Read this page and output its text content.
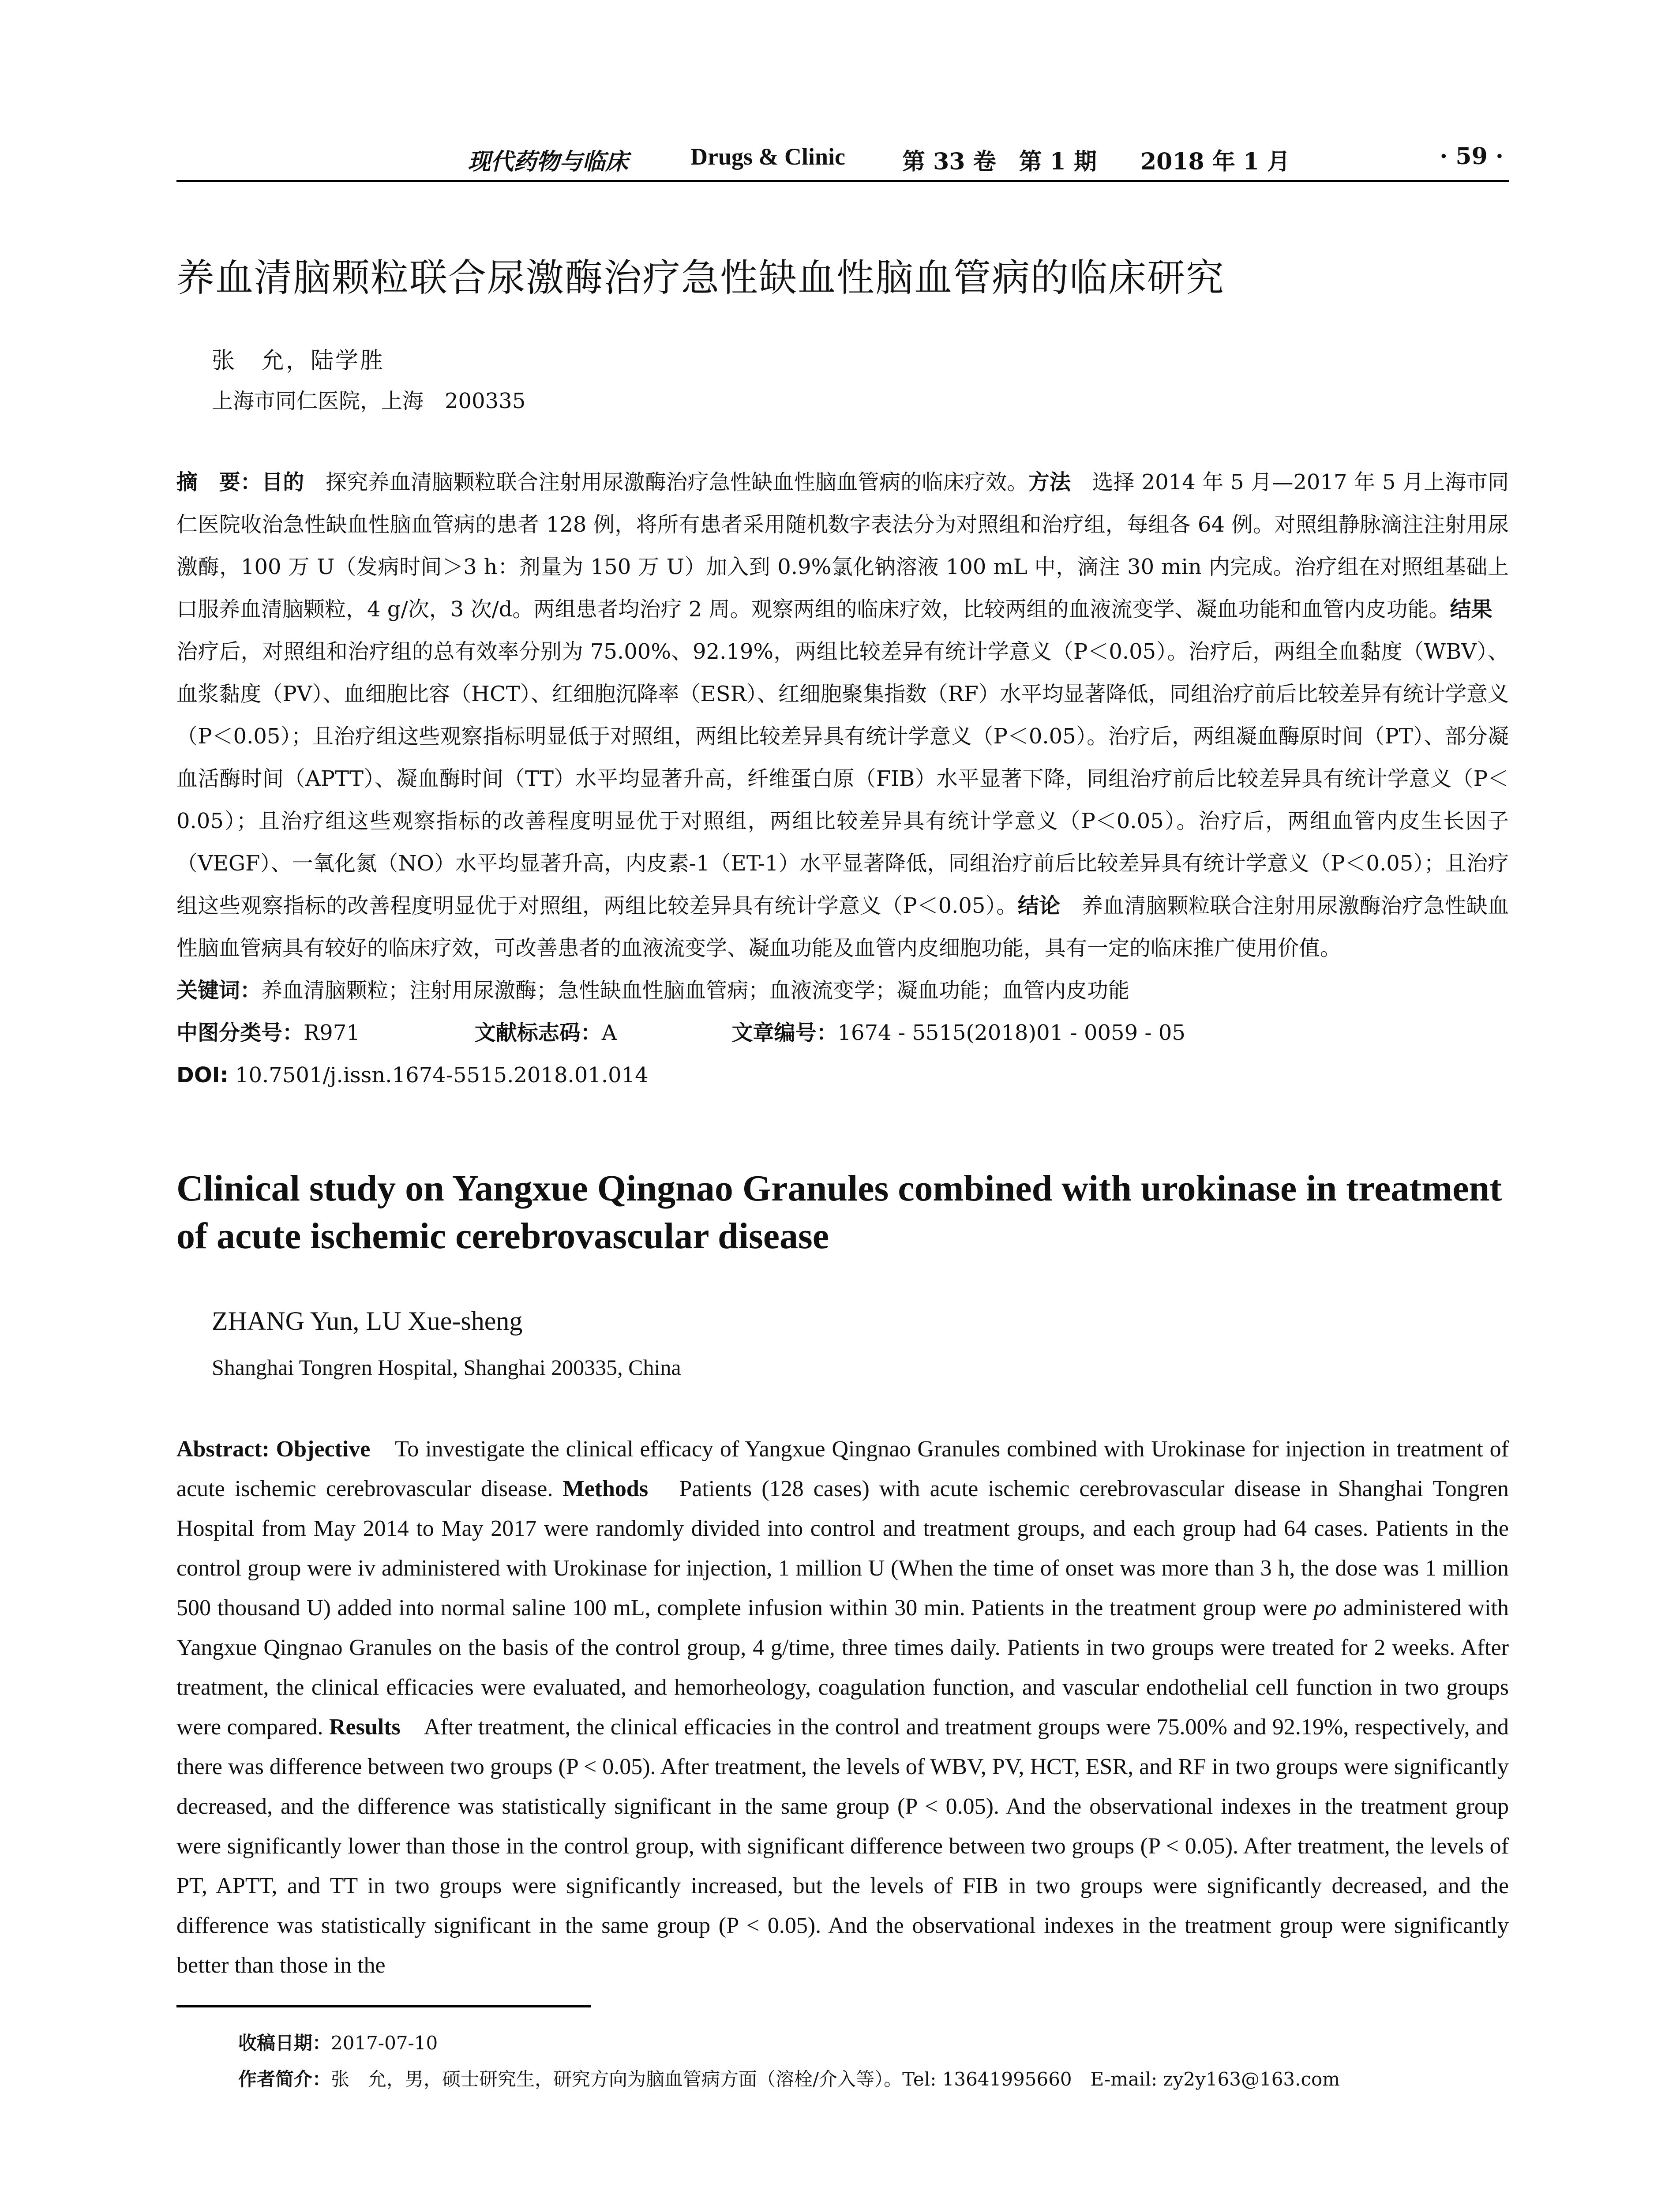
现代药物与临床	Drugs & Clinic 第 33 卷　第 1 期 2018 年 1 月	· 59 ·
养血清脑颗粒联合尿激酶治疗急性缺血性脑血管病的临床研究
张　允，陆学胜
上海市同仁医院，上海　200335

摘　要：目的　探究养血清脑颗粒联合注射用尿激酶治疗急性缺血性脑血管病的临床疗效。方法　选择 2014 年 5 月—2017 年 5 月上海市同仁医院收治急性缺血性脑血管病的患者 128 例，将所有患者采用随机数字表法分为对照组和治疗组，每组各 64 例。对照组静脉滴注注射用尿激酶，100 万 U（发病时间＞3 h：剂量为 150 万 U）加入到 0.9%氯化钠溶液 100 mL 中，滴注 30 min 内完成。治疗组在对照组基础上口服养血清脑颗粒，4 g/次，3 次/d。两组患者均治疗 2 周。观察两组的临床疗效，比较两组的血液流变学、凝血功能和血管内皮功能。结果　治疗后，对照组和治疗组的总有效率分别为 75.00%、92.19%，两组比较差异有统计学意义（P＜0.05）。治疗后，两组全血黏度（WBV）、血浆黏度（PV）、血细胞比容（HCT）、红细胞沉降率（ESR）、红细胞聚集指数（RF）水平均显著降低，同组治疗前后比较差异有统计学意义（P＜0.05）；且治疗组这些观察指标明显低于对照组，两组比较差异具有统计学意义（P＜0.05）。治疗后，两组凝血酶原时间（PT）、部分凝血活酶时间（APTT）、凝血酶时间（TT）水平均显著升高，纤维蛋白原（FIB）水平显著下降，同组治疗前后比较差异具有统计学意义（P＜0.05）；且治疗组这些观察指标的改善程度明显优于对照组，两组比较差异具有统计学意义（P＜0.05）。治疗后，两组血管内皮生长因子（VEGF）、一氧化氮（NO）水平均显著升高，内皮素-1（ET-1）水平显著降低，同组治疗前后比较差异具有统计学意义（P＜0.05）；且治疗组这些观察指标的改善程度明显优于对照组，两组比较差异具有统计学意义（P＜0.05）。结论　养血清脑颗粒联合注射用尿激酶治疗急性缺血性脑血管病具有较好的临床疗效，可改善患者的血液流变学、凝血功能及血管内皮细胞功能，具有一定的临床推广使用价值。

关键词：养血清脑颗粒；注射用尿激酶；急性缺血性脑血管病；血液流变学；凝血功能；血管内皮功能

中图分类号：R971	文献标志码：A	文章编号：1674 - 5515(2018)01 - 0059 - 05

DOI: 10.7501/j.issn.1674-5515.2018.01.014

Clinical study on Yangxue Qingnao Granules combined with urokinase in treatment of acute ischemic cerebrovascular disease
ZHANG Yun, LU Xue-sheng
Shanghai Tongren Hospital, Shanghai 200335, China
Abstract: Objective　To investigate the clinical efficacy of Yangxue Qingnao Granules combined with Urokinase for injection in treatment of acute ischemic cerebrovascular disease. Methods　Patients (128 cases) with acute ischemic cerebrovascular disease in Shanghai Tongren Hospital from May 2014 to May 2017 were randomly divided into control and treatment groups, and each group had 64 cases. Patients in the control group were iv administered with Urokinase for injection, 1 million U (When the time of onset was more than 3 h, the dose was 1 million 500 thousand U) added into normal saline 100 mL, complete infusion within 30 min. Patients in the treatment group were po administered with Yangxue Qingnao Granules on the basis of the control group, 4 g/time, three times daily. Patients in two groups were treated for 2 weeks. After treatment, the clinical efficacies were evaluated, and hemorheology, coagulation function, and vascular endothelial cell function in two groups were compared. Results　After treatment, the clinical efficacies in the control and treatment groups were 75.00% and 92.19%, respectively, and there was difference between two groups (P < 0.05). After treatment, the levels of WBV, PV, HCT, ESR, and RF in two groups were significantly decreased, and the difference was statistically significant in the same group (P < 0.05). And the observational indexes in the treatment group were significantly lower than those in the control group, with significant difference between two groups (P < 0.05). After treatment, the levels of PT, APTT, and TT in two groups were significantly increased, but the levels of FIB in two groups were significantly decreased, and the difference was statistically significant in the same group (P < 0.05). And the observational indexes in the treatment group were significantly better than those in the
收稿日期：2017-07-10
作者简介：张　允，男，硕士研究生，研究方向为脑血管病方面（溶栓/介入等）。Tel: 13641995660　E-mail: zy2y163@163.com
